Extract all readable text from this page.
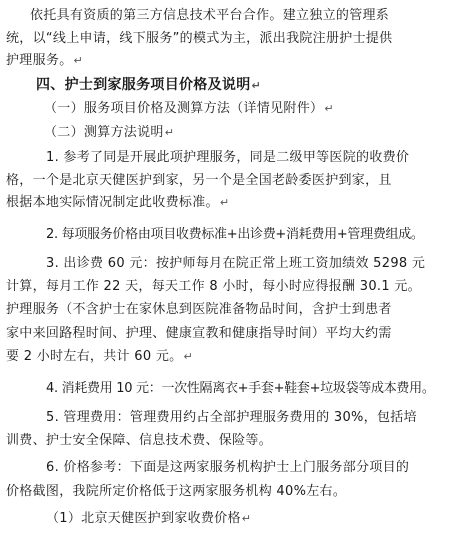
依托具有资质的第三方信息技术平台合作。建立独立的管理系
统，以“线上申请，线下服务”的模式为主，派出我院注册护士提供
护理服务。↵
四、护士到家服务项目价格及说明↵
（一）服务项目价格及测算方法（详情见附件）↵
（二）测算方法说明↵
1. 参考了同是开展此项护理服务，同是二级甲等医院的收费价
格，一个是北京天健医护到家，另一个是全国老龄委医护到家，且
根据本地实际情况制定此收费标准。↵
2. 每项服务价格由项目收费标准+出诊费+消耗费用+管理费组成。
3. 出诊费 60 元：按护师每月在院正常上班工资加绩效 5298 元
计算，每月工作 22 天，每天工作 8 小时，每小时应得报酬 30.1 元。
护理服务（不含护士在家休息到医院准备物品时间，含护士到患者
家中来回路程时间、护理、健康宣教和健康指导时间）平均大约需
要 2 小时左右，共计 60 元。↵
4. 消耗费用 10 元：一次性隔离衣+手套+鞋套+垃圾袋等成本费用。
5. 管理费用：管理费用约占全部护理服务费用的 30%，包括培
训费、护士安全保障、信息技术费、保险等。
6. 价格参考：下面是这两家服务机构护士上门服务部分项目的
价格截图，我院所定价格低于这两家服务机构 40%左右。
（1）北京天健医护到家收费价格↵
